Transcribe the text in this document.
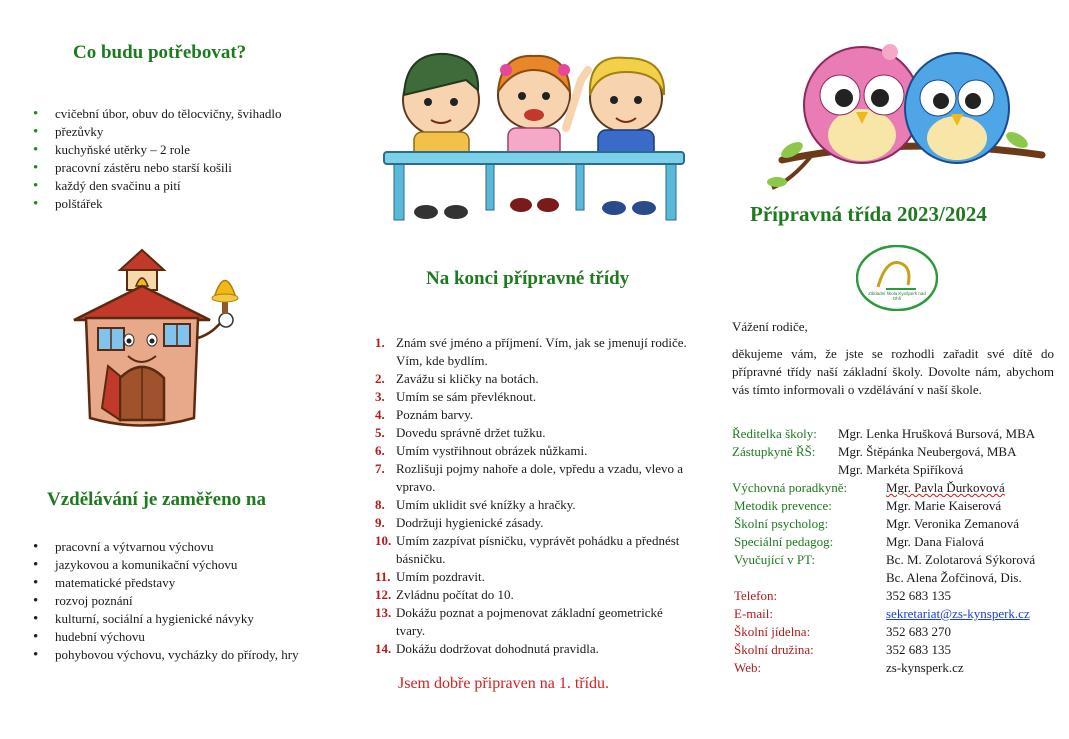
Co budu potřebovat?
• cvičební úbor, obuv do tělocvičny, švihadlo
• přezůvky
• kuchyňské utěrky – 2 role
• pracovní zástěru nebo starší košili
• každý den svačinu a pití
• polštářek
Vzdělávání je zaměřeno na
• pracovní a výtvarnou výchovu
• jazykovou a komunikační výchovu
• matematické představy
• rozvoj poznání
• kulturní, sociální a hygienické návyky
• hudební výchovu
• pohybovou výchovu, vycházky do přírody, hry
Na konci přípravné třídy
1. Znám své jméno a příjmení. Vím, jak se jmenují rodiče. Vím, kde bydlím.
2. Zavážu si kličky na botách.
3. Umím se sám převléknout.
4. Poznám barvy.
5. Dovedu správně držet tužku.
6. Umím vystřihnout obrázek nůžkami.
7. Rozlišuji pojmy nahoře a dole, vpředu a vzadu, vlevo a vpravo.
8. Umím uklidit své knížky a hračky.
9. Dodržuji hygienické zásady.
10. Umím zazpívat písničku, vyprávět pohádku a přednést básničku.
11. Umím pozdravit.
12. Zvládnu počítat do 10.
13. Dokážu poznat a pojmenovat základní geometrické tvary.
14. Dokážu dodržovat dohodnutá pravidla.
Jsem dobře připraven na 1. třídu.
Přípravná třída 2023/2024
Základní škola Kynšperk nad Ohří
Vážení rodiče,
děkujeme vám, že jste se rozhodli zařadit své dítě do přípravné třídy naší základní školy. Dovolte nám, abychom vás tímto informovali o vzdělávání v naší škole.
Ředitelka školy: Mgr. Lenka Hrušková Bursová, MBA
Zástupkyně ŘŠ: Mgr. Štěpánka Neubergová, MBA
Mgr. Markéta Spiříková
Výchovná poradkyně:	Mgr. Pavla Ďurkovová
Metodik prevence:	Mgr. Marie Kaiserová
Školní psycholog:	Mgr. Veronika Zemanová
Speciální pedagog:	Mgr. Dana Fialová
Vyučující v PT:	Bc. M. Zolotarová Sýkorová
Bc. Alena Žofčinová, Dis.
Telefon:	352 683 135
E-mail:	sekretariat@zs-kynsperk.cz
Školní jídelna:	352 683 270
Školní družina:	352 683 135
Web:	zs-kynsperk.cz
